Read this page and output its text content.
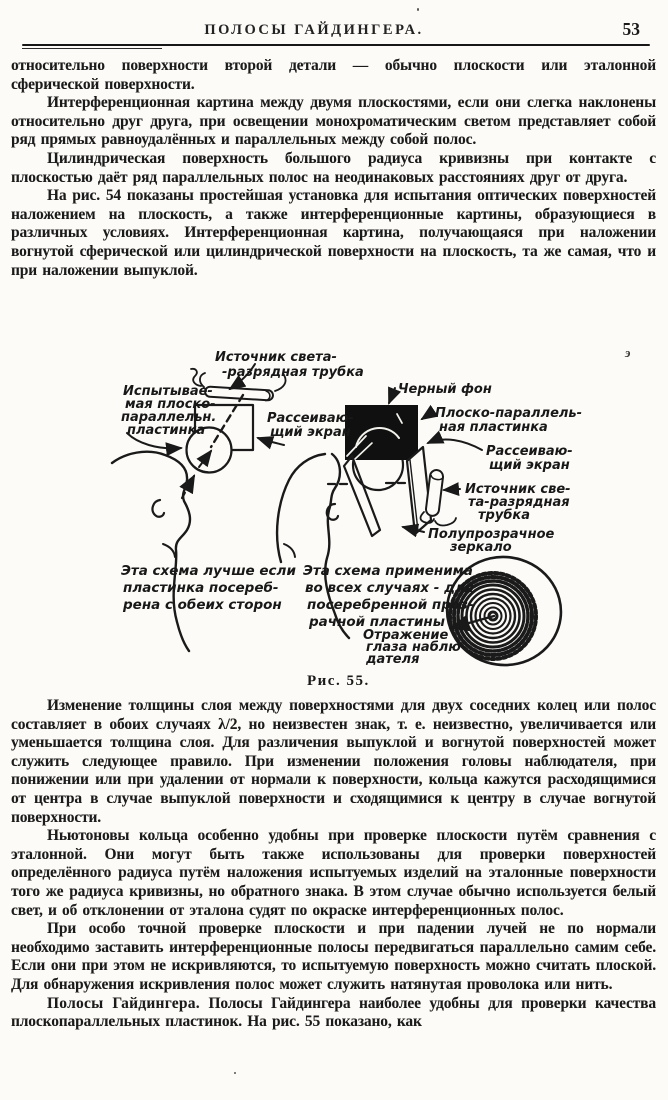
ПОЛОСЫ ГАЙДИНГЕРА.	53

относительно поверхности второй детали — обычно плоскости или эталонной сферической поверхности.

Интерференционная картина между двумя плоскостями, если они слегка наклонены относительно друг друга, при освещении монохроматическим светом представляет собой ряд прямых равноудалённых и параллельных между собой полос.

Цилиндрическая поверхность большого радиуса кривизны при контакте с плоскостью даёт ряд параллельных полос на неодинаковых расстояниях друг от друга.

На рис. 54 показаны простейшая установка для испытания оптических поверхностей наложением на плоскость, а также интерференционные картины, образующиеся в различных условиях. Интерференционная картина, получающаяся при наложении вогнутой сферической или цилиндрической поверхности на плоскость, та же самая, что и при наложении выпуклой.

Источник света-
-разрядная трубка
Испытывае-
мая плоско-
параллельн.
пластинка
Рассеиваю-
щий экран
Эта схема лучше если
пластинка посереб-
рена с обеих сторон
Черный фон
Плоско-параллель-
ная пластинка
Рассеиваю-
щий экран
Источник све-
та-разрядная
трубка
Полупрозрачное
зеркало
Эта схема применима
во всех случаях - для
посеребренной проз-
рачной пластины
Отражение
глаза наблю-
дателя
Рис. 55.

Изменение толщины слоя между поверхностями для двух соседних колец или полос составляет в обоих случаях λ/2, но неизвестен знак, т. е. неизвестно, увеличивается или уменьшается толщина слоя. Для различения выпуклой и вогнутой поверхностей может служить следующее правило. При изменении положения головы наблюдателя, при понижении или при удалении от нормали к поверхности, кольца кажутся расходящимися от центра в случае выпуклой поверхности и сходящимися к центру в случае вогнутой поверхности.

Ньютоновы кольца особенно удобны при проверке плоскости путём сравнения с эталонной. Они могут быть также использованы для проверки поверхностей определённого радиуса путём наложения испытуемых изделий на эталонные поверхности того же радиуса кривизны, но обратного знака. В этом случае обычно используется белый свет, и об отклонении от эталона судят по окраске интерференционных полос.

При особо точной проверке плоскости и при падении лучей не по нормали необходимо заставить интерференционные полосы передвигаться параллельно самим себе. Если они при этом не искривляются, то испытуемую поверхность можно считать плоской. Для обнаружения искривления полос может служить натянутая проволока или нить.

Полосы Гайдингера. Полосы Гайдингера наиболее удобны для проверки качества плоскопараллельных пластинок. На рис. 55 показано, как

э
